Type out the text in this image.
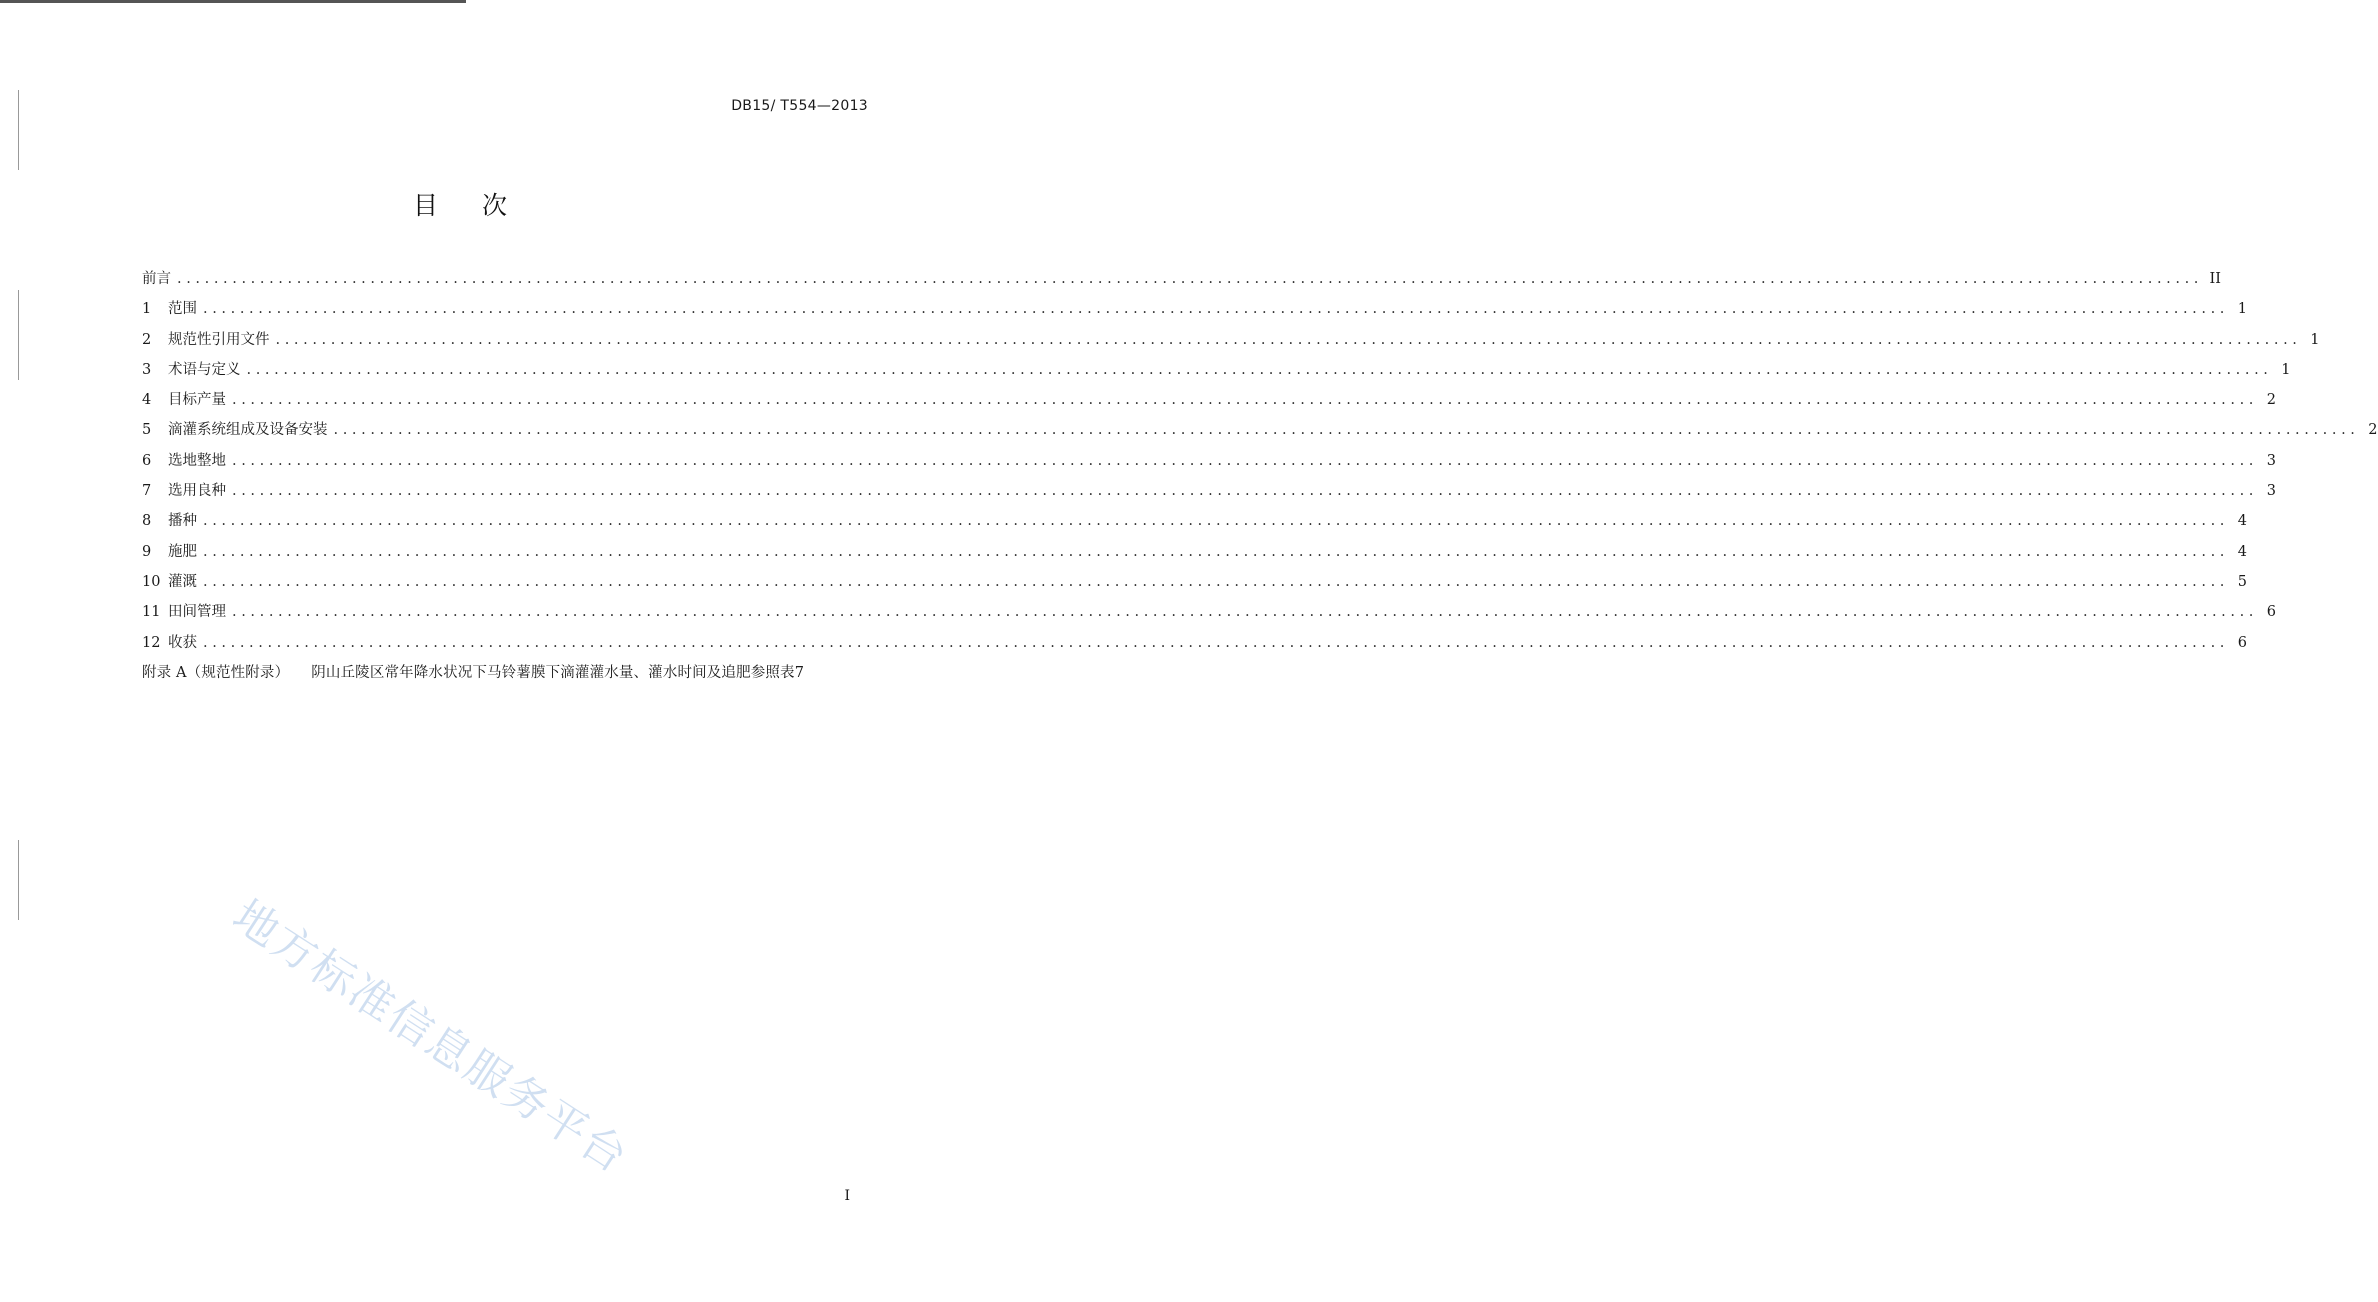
DB15/ T554—2013
目次
前言 ............................................................................................................................................................................................................................ II
1	范围 ............................................................................................................................................................................................................................ 1
2	规范性引用文件 ............................................................................................................................................................................................................................ 1
3	术语与定义 ............................................................................................................................................................................................................................ 1
4	目标产量 ............................................................................................................................................................................................................................ 2
5	滴灌系统组成及设备安装 ............................................................................................................................................................................................................................ 2
6	选地整地 ............................................................................................................................................................................................................................ 3
7	选用良种 ............................................................................................................................................................................................................................ 3
8	播种 ............................................................................................................................................................................................................................ 4
9	施肥 ............................................................................................................................................................................................................................ 4
10 灌溉 ............................................................................................................................................................................................................................ 5
11 田间管理 ............................................................................................................................................................................................................................ 6
12 收获 ............................................................................................................................................................................................................................ 6
附录 A（规范性附录） 阴山丘陵区常年降水状况下马铃薯膜下滴灌灌水量、灌水时间及追肥参照表7
地方标准信息服务平台
I
